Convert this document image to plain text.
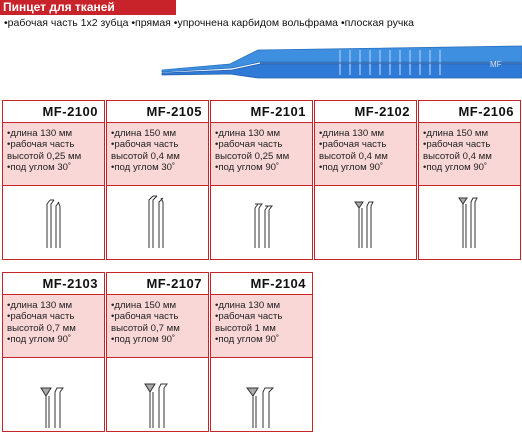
Пинцет для тканей
•рабочая часть 1х2 зубца •прямая •упрочнена карбидом вольфрама •плоская ручка
MF
MF-2100
•длина 130 мм
•рабочая часть
высотой 0,25 мм
•под углом 30˚
MF-2105
•длина 150 мм
•рабочая часть
высотой 0,4 мм
•под углом 30˚
MF-2101
•длина 130 мм
•рабочая часть
высотой 0,25 мм
•под углом 90˚
MF-2102
•длина 130 мм
•рабочая часть
высотой 0,4 мм
•под углом 90˚
MF-2106
•длина 150 мм
•рабочая часть
высотой 0,4 мм
•под углом 90˚
MF-2103
•длина 130 мм
•рабочая часть
высотой 0,7 мм
•под углом 90˚
MF-2107
•длина 150 мм
•рабочая часть
высотой 0,7 мм
•под углом 90˚
MF-2104
•длина 130 мм
•рабочая часть
высотой 1 мм
•под углом 90˚
